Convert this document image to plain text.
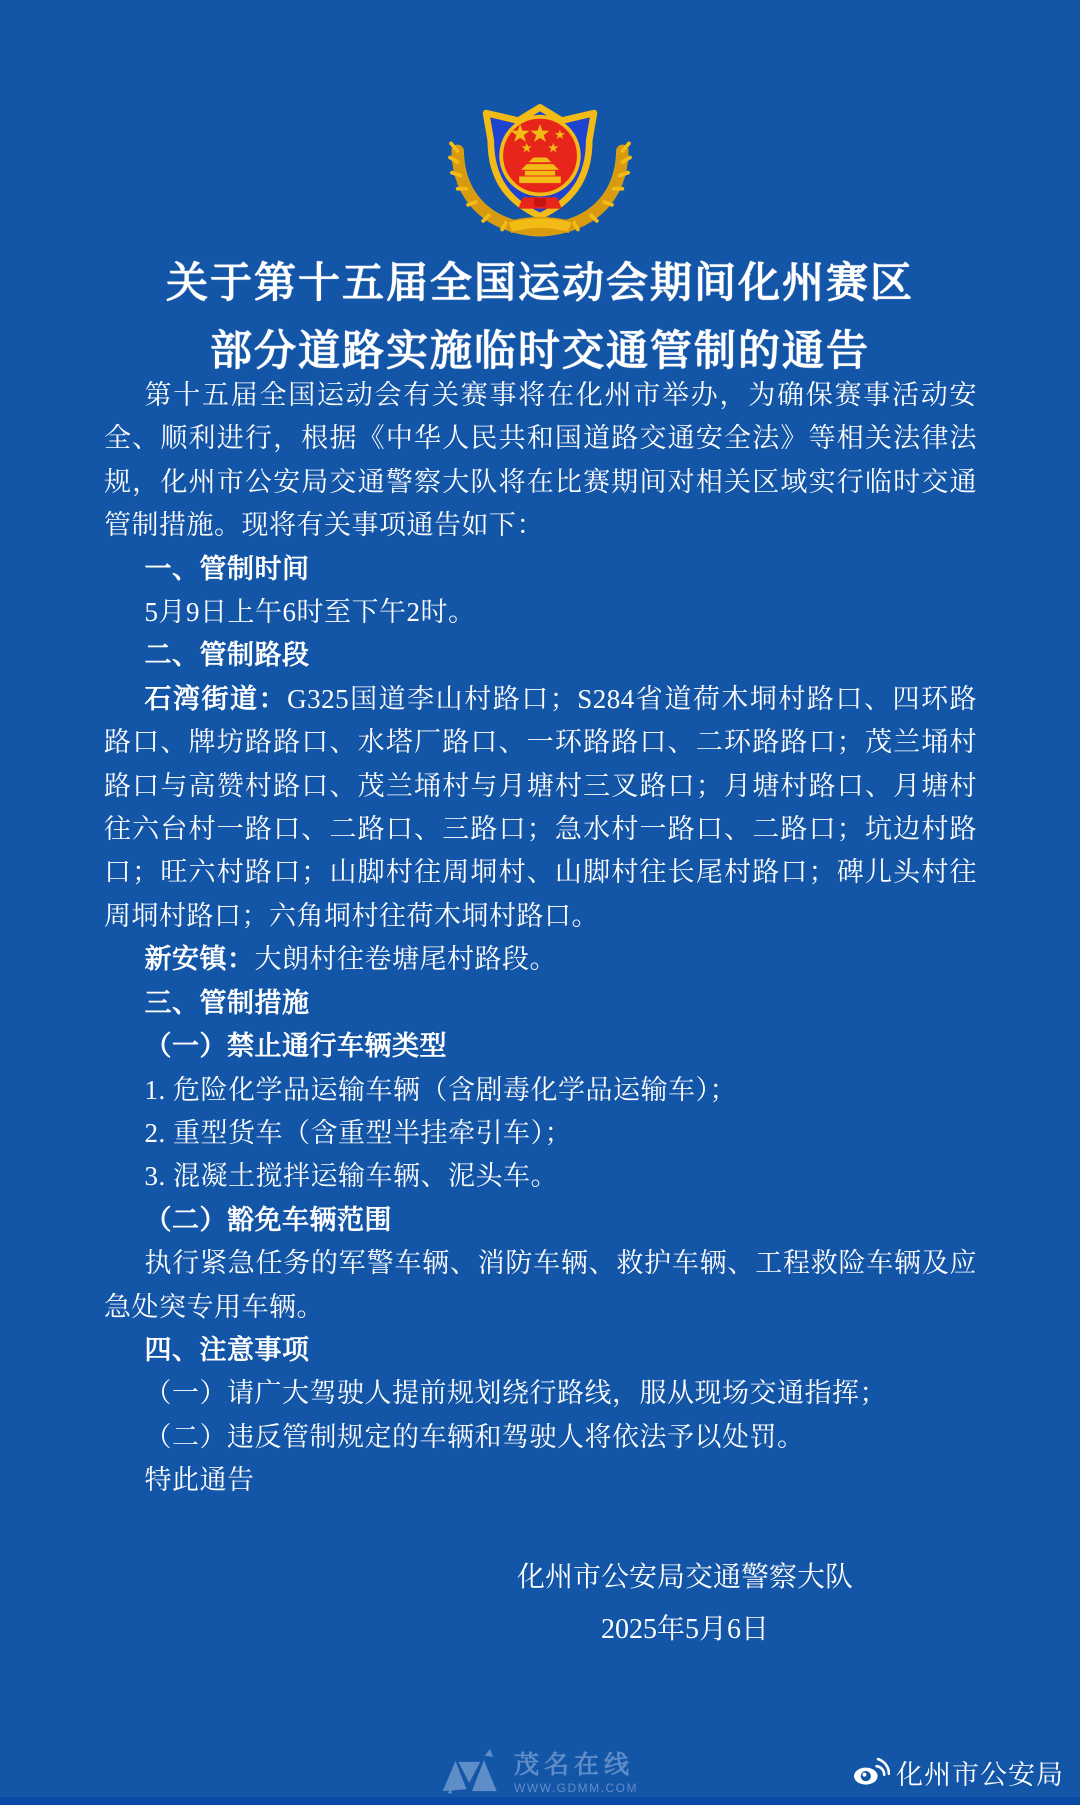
关于第十五届全国运动会期间化州赛区
部分道路实施临时交通管制的通告
第十五届全国运动会有关赛事将在化州市举办，为确保赛事活动安全、顺利进行，根据《中华人民共和国道路交通安全法》等相关法律法规，化州市公安局交通警察大队将在比赛期间对相关区域实行临时交通管制措施。现将有关事项通告如下：
一、管制时间
5月9日上午6时至下午2时。
二、管制路段
石湾街道：G325国道李山村路口；S284省道荷木垌村路口、四环路路口、牌坊路路口、水塔厂路口、一环路路口、二环路路口；茂兰埇村路口与高赞村路口、茂兰埇村与月塘村三叉路口；月塘村路口、月塘村往六台村一路口、二路口、三路口；急水村一路口、二路口；坑边村路口；旺六村路口；山脚村往周垌村、山脚村往长尾村路口；碑儿头村往周垌村路口；六角垌村往荷木垌村路口。
新安镇：大朗村往卷塘尾村路段。
三、管制措施
（一）禁止通行车辆类型
1. 危险化学品运输车辆（含剧毒化学品运输车）；
2. 重型货车（含重型半挂牵引车）；
3. 混凝土搅拌运输车辆、泥头车。
（二）豁免车辆范围
执行紧急任务的军警车辆、消防车辆、救护车辆、工程救险车辆及应急处突专用车辆。
四、注意事项
（一）请广大驾驶人提前规划绕行路线，服从现场交通指挥；
（二）违反管制规定的车辆和驾驶人将依法予以处罚。
特此通告
化州市公安局交通警察大队
2025年5月6日
茂名在线
WWW.GDMM.COM	化州市公安局
